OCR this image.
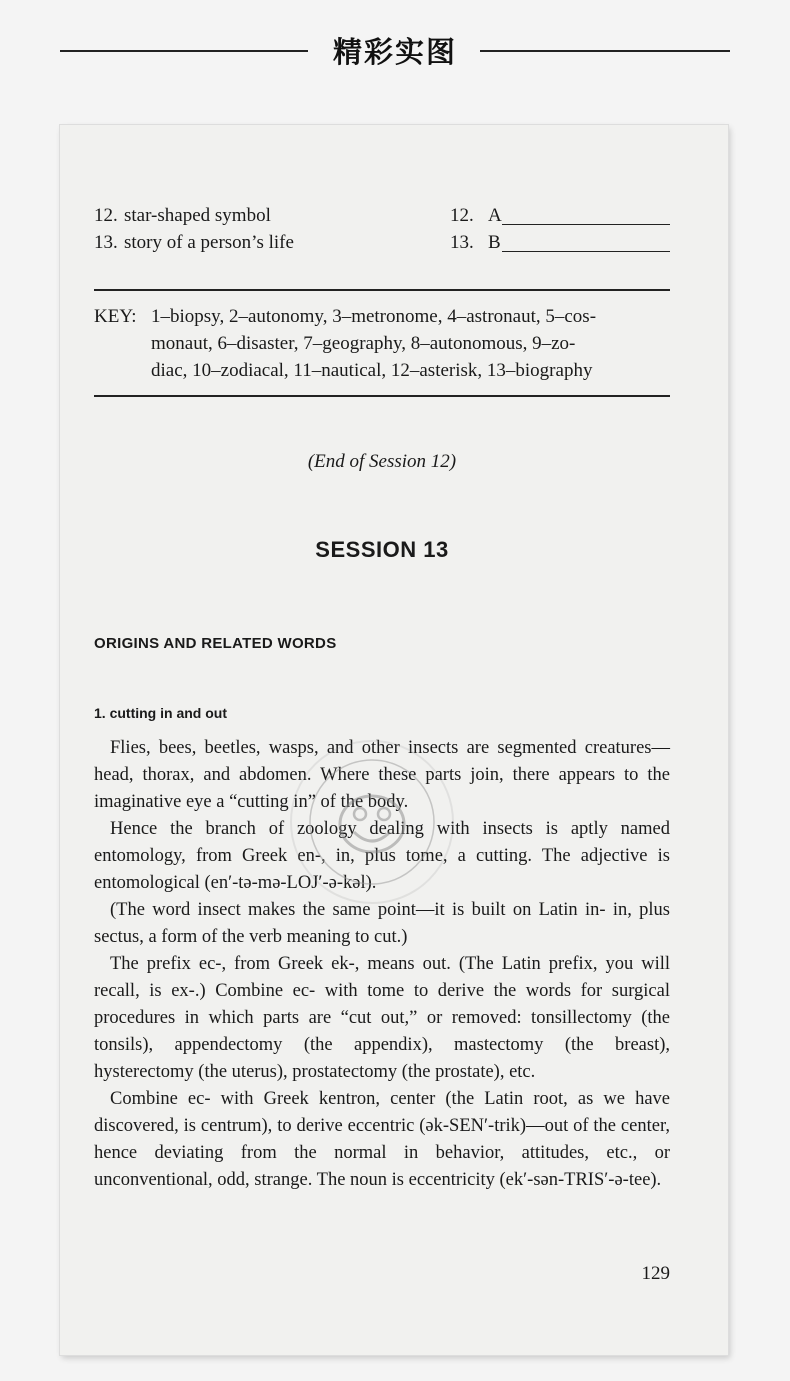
精彩实图
12. star-shaped symbol	12. A
13. story of a person’s life	13. B
KEY: 1–biopsy, 2–autonomy, 3–metronome, 4–astronaut, 5–cos-
monaut, 6–disaster, 7–geography, 8–autonomous, 9–zo-
diac, 10–zodiacal, 11–nautical, 12–asterisk, 13–biography
(End of Session 12)
SESSION 13
ORIGINS AND RELATED WORDS
1. cutting in and out

Flies, bees, beetles, wasps, and other insects are segmented creatures—head, thorax, and abdomen. Where these parts join, there appears to the imaginative eye a “cutting in” of the body.

Hence the branch of zoology dealing with insects is aptly named entomology, from Greek en-, in, plus tome, a cutting. The adjective is entomological (en′-tə-mə-LOJ′-ə-kəl).

(The word insect makes the same point—it is built on Latin in- in, plus sectus, a form of the verb meaning to cut.)

The prefix ec-, from Greek ek-, means out. (The Latin prefix, you will recall, is ex-.) Combine ec- with tome to derive the words for surgical procedures in which parts are “cut out,” or removed: tonsillectomy (the tonsils), appendectomy (the appendix), mastectomy (the breast), hysterectomy (the uterus), prostatectomy (the prostate), etc.

Combine ec- with Greek kentron, center (the Latin root, as we have discovered, is centrum), to derive eccentric (ək-SEN′-trik)—out of the center, hence deviating from the normal in behavior, attitudes, etc., or unconventional, odd, strange. The noun is eccentricity (ek′-sən-TRIS′-ə-tee).

129
